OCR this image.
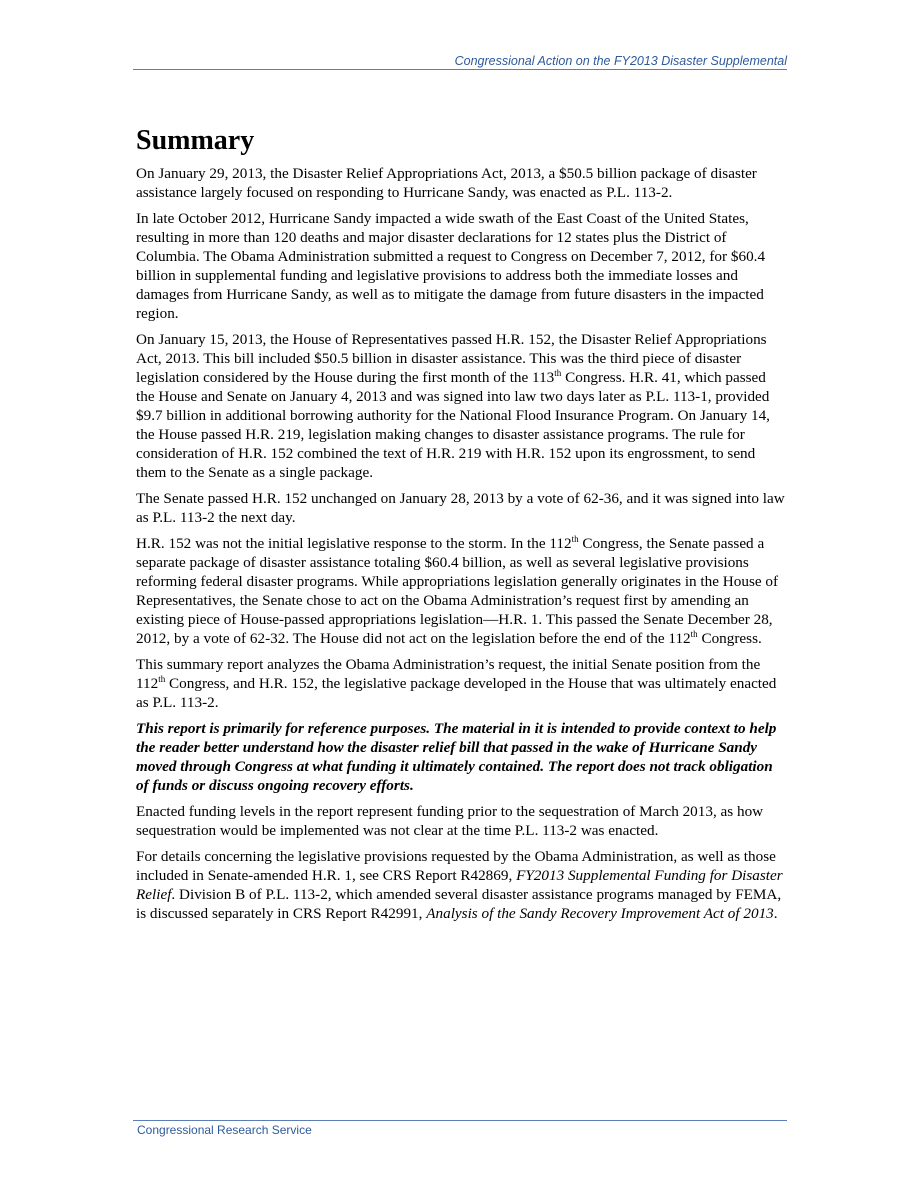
Congressional Action on the FY2013 Disaster Supplemental
Summary

On January 29, 2013, the Disaster Relief Appropriations Act, 2013, a $50.5 billion package of disaster assistance largely focused on responding to Hurricane Sandy, was enacted as P.L. 113-2.

In late October 2012, Hurricane Sandy impacted a wide swath of the East Coast of the United States, resulting in more than 120 deaths and major disaster declarations for 12 states plus the District of Columbia. The Obama Administration submitted a request to Congress on December 7, 2012, for $60.4 billion in supplemental funding and legislative provisions to address both the immediate losses and damages from Hurricane Sandy, as well as to mitigate the damage from future disasters in the impacted region.

On January 15, 2013, the House of Representatives passed H.R. 152, the Disaster Relief Appropriations Act, 2013. This bill included $50.5 billion in disaster assistance. This was the third piece of disaster legislation considered by the House during the first month of the 113th Congress. H.R. 41, which passed the House and Senate on January 4, 2013 and was signed into law two days later as P.L. 113-1, provided $9.7 billion in additional borrowing authority for the National Flood Insurance Program. On January 14, the House passed H.R. 219, legislation making changes to disaster assistance programs. The rule for consideration of H.R. 152 combined the text of H.R. 219 with H.R. 152 upon its engrossment, to send them to the Senate as a single package.

The Senate passed H.R. 152 unchanged on January 28, 2013 by a vote of 62-36, and it was signed into law as P.L. 113-2 the next day.

H.R. 152 was not the initial legislative response to the storm. In the 112th Congress, the Senate passed a separate package of disaster assistance totaling $60.4 billion, as well as several legislative provisions reforming federal disaster programs. While appropriations legislation generally originates in the House of Representatives, the Senate chose to act on the Obama Administration’s request first by amending an existing piece of House-passed appropriations legislation—H.R. 1. This passed the Senate December 28, 2012, by a vote of 62-32. The House did not act on the legislation before the end of the 112th Congress.

This summary report analyzes the Obama Administration’s request, the initial Senate position from the 112th Congress, and H.R. 152, the legislative package developed in the House that was ultimately enacted as P.L. 113-2.

This report is primarily for reference purposes. The material in it is intended to provide context to help the reader better understand how the disaster relief bill that passed in the wake of Hurricane Sandy moved through Congress at what funding it ultimately contained. The report does not track obligation of funds or discuss ongoing recovery efforts.

Enacted funding levels in the report represent funding prior to the sequestration of March 2013, as how sequestration would be implemented was not clear at the time P.L. 113-2 was enacted.

For details concerning the legislative provisions requested by the Obama Administration, as well as those included in Senate-amended H.R. 1, see CRS Report R42869, FY2013 Supplemental Funding for Disaster Relief. Division B of P.L. 113-2, which amended several disaster assistance programs managed by FEMA, is discussed separately in CRS Report R42991, Analysis of the Sandy Recovery Improvement Act of 2013.

Congressional Research Service
